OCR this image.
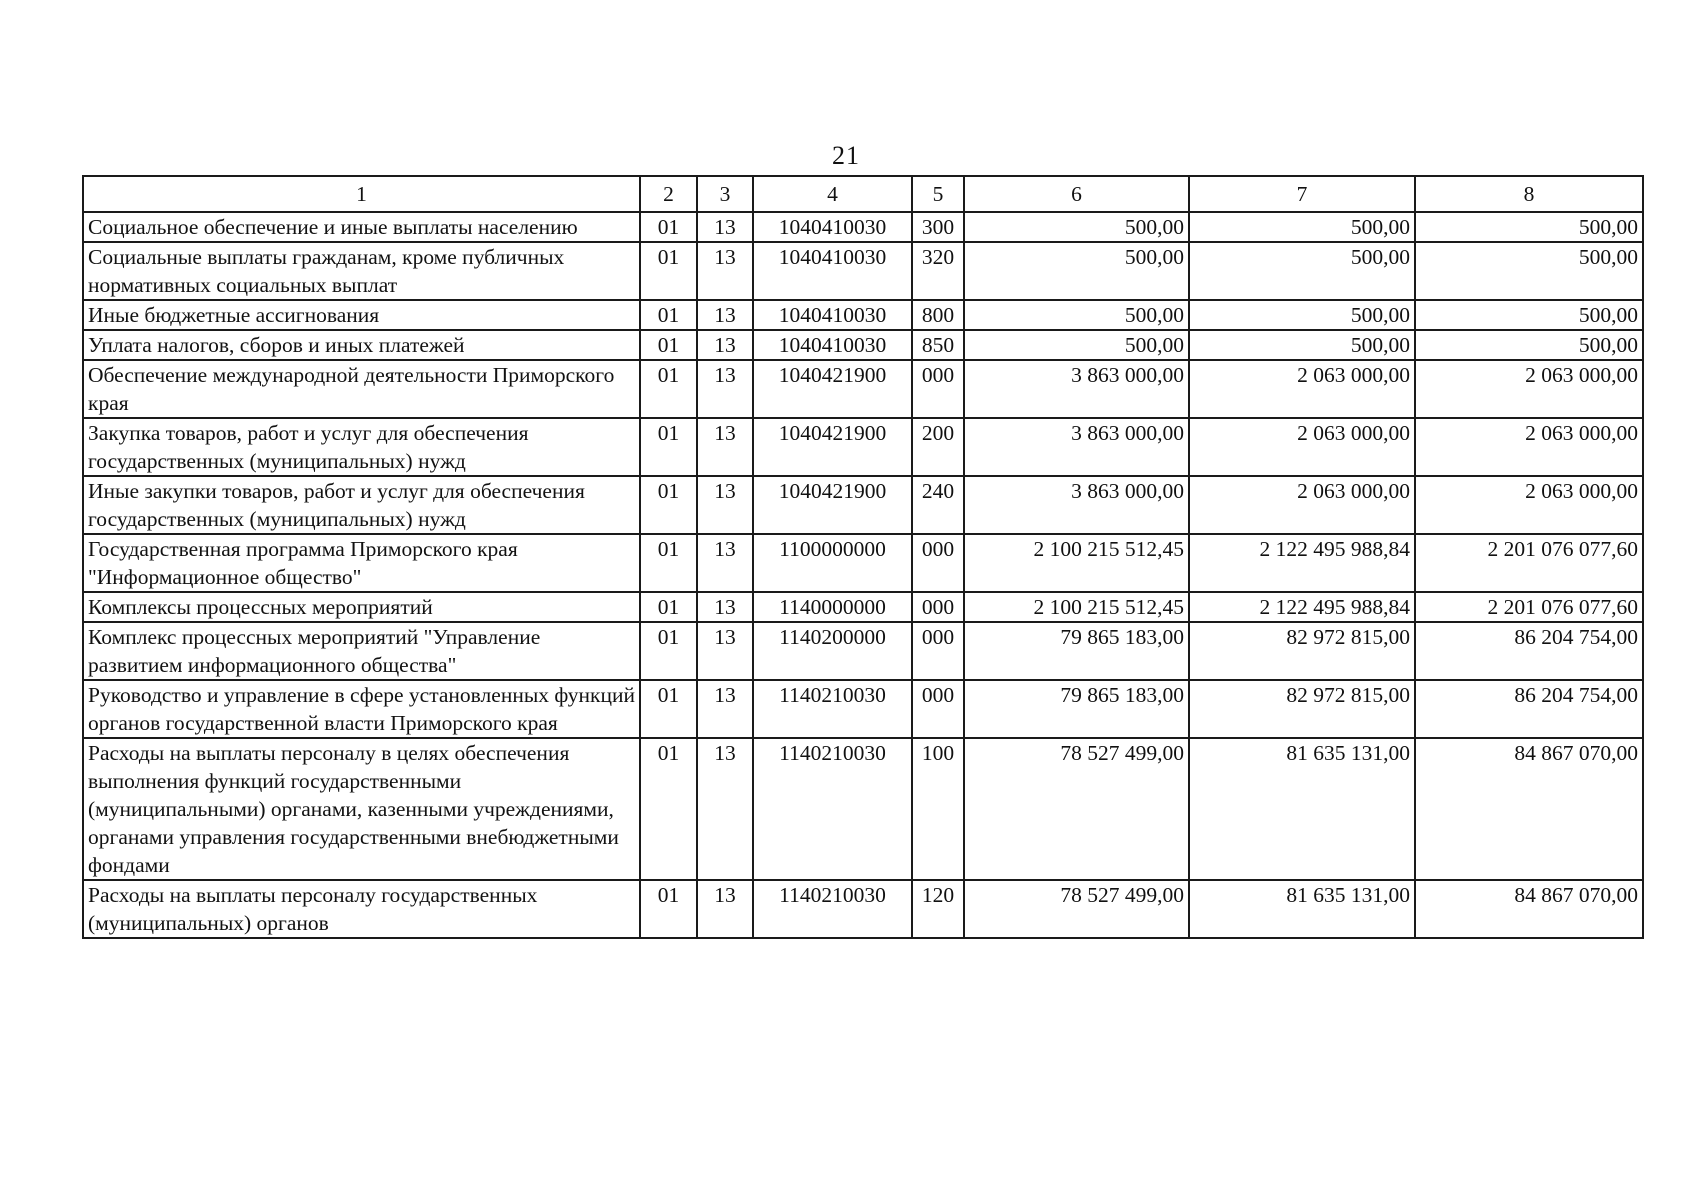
21
1	2	3	4	5	6	7	8
Социальное обеспечение и иные выплаты населению	01	13	1040410030	300	500,00	500,00	500,00
Социальные выплаты гражданам, кроме публичных нормативных социальных выплат	01	13	1040410030	320	500,00	500,00	500,00
Иные бюджетные ассигнования	01	13	1040410030	800	500,00	500,00	500,00
Уплата налогов, сборов и иных платежей	01	13	1040410030	850	500,00	500,00	500,00
Обеспечение международной деятельности Приморского края	01	13	1040421900	000	3 863 000,00	2 063 000,00	2 063 000,00
Закупка товаров, работ и услуг для обеспечения государственных (муниципальных) нужд	01	13	1040421900	200	3 863 000,00	2 063 000,00	2 063 000,00
Иные закупки товаров, работ и услуг для обеспечения государственных (муниципальных) нужд	01	13	1040421900	240	3 863 000,00	2 063 000,00	2 063 000,00
Государственная программа Приморского края "Информационное общество"	01	13	1100000000	000	2 100 215 512,45	2 122 495 988,84	2 201 076 077,60
Комплексы процессных мероприятий	01	13	1140000000	000	2 100 215 512,45	2 122 495 988,84	2 201 076 077,60
Комплекс процессных мероприятий "Управление развитием информационного общества"	01	13	1140200000	000	79 865 183,00	82 972 815,00	86 204 754,00
Руководство и управление в сфере установленных функций органов государственной власти Приморского края	01	13	1140210030	000	79 865 183,00	82 972 815,00	86 204 754,00
Расходы на выплаты персоналу в целях обеспечения выполнения функций государственными (муниципальными) органами, казенными учреждениями, органами управления государственными внебюджетными фондами	01	13	1140210030	100	78 527 499,00	81 635 131,00	84 867 070,00
Расходы на выплаты персоналу государственных (муниципальных) органов	01	13	1140210030	120	78 527 499,00	81 635 131,00	84 867 070,00
